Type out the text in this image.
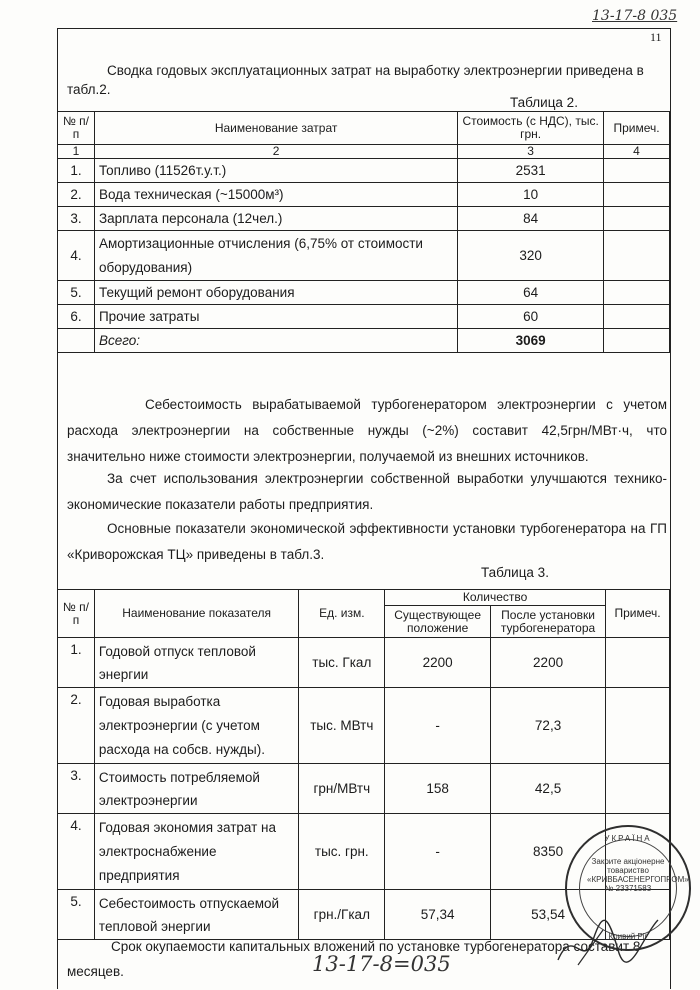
13-17-8 035
11
Сводка годовых эксплуатационных затрат на выработку электроэнергии приведена в табл.2.
Таблица 2.
№ п/п	Наименование затрат	Стоимость (с НДС), тыс. грн.	Примеч.
1	2	3	4
1.	Топливо (11526т.у.т.)	2531	
2.	Вода техническая (~15000м³)	10	
3.	Зарплата персонала (12чел.)	84	
4.	Амортизационные отчисления (6,75% от стоимости оборудования)	320	
5.	Текущий ремонт оборудования	64	
6.	Прочие затраты	60	
	Всего:	3069	
Себестоимость вырабатываемой турбогенератором электроэнергии с учетом расхода электроэнергии на собственные нужды (~2%) составит 42,5грн/МВт·ч, что значительно ниже стоимости электроэнергии, получаемой из внешних источников.
За счет использования электроэнергии собственной выработки улучшаются технико-экономические показатели работы предприятия.
Основные показатели экономической эффективности установки турбогенератора на ГП «Криворожская ТЦ» приведены в табл.3.
Таблица 3.
№ п/п	Наименование показателя	Ед. изм.	Количество		Примеч.
			Существующее положение	После установки турбогенератора	
1.	Годовой отпуск тепловой энергии	тыс. Гкал	2200	2200	
2.	Годовая выработка электроэнергии (с учетом расхода на собсв. нужды).	тыс. МВтч	-	72,3	
3.	Стоимость потребляемой электроэнергии	грн/МВтч	158	42,5	
4.	Годовая экономия затрат на электроснабжение предприятия	тыс. грн.	-	8350	
5.	Себестоимость отпускаемой тепловой энергии	грн./Гкал	57,34	53,54	
Срок окупаемости капитальных вложений по установке турбогенератора составит 8 месяцев.	13-17-8=035
УКРАЇНА
Закрите акціонерне товариство «КРИВБАСЕНЕРГОПРОМ» № 23371583
Кривий Ріг
